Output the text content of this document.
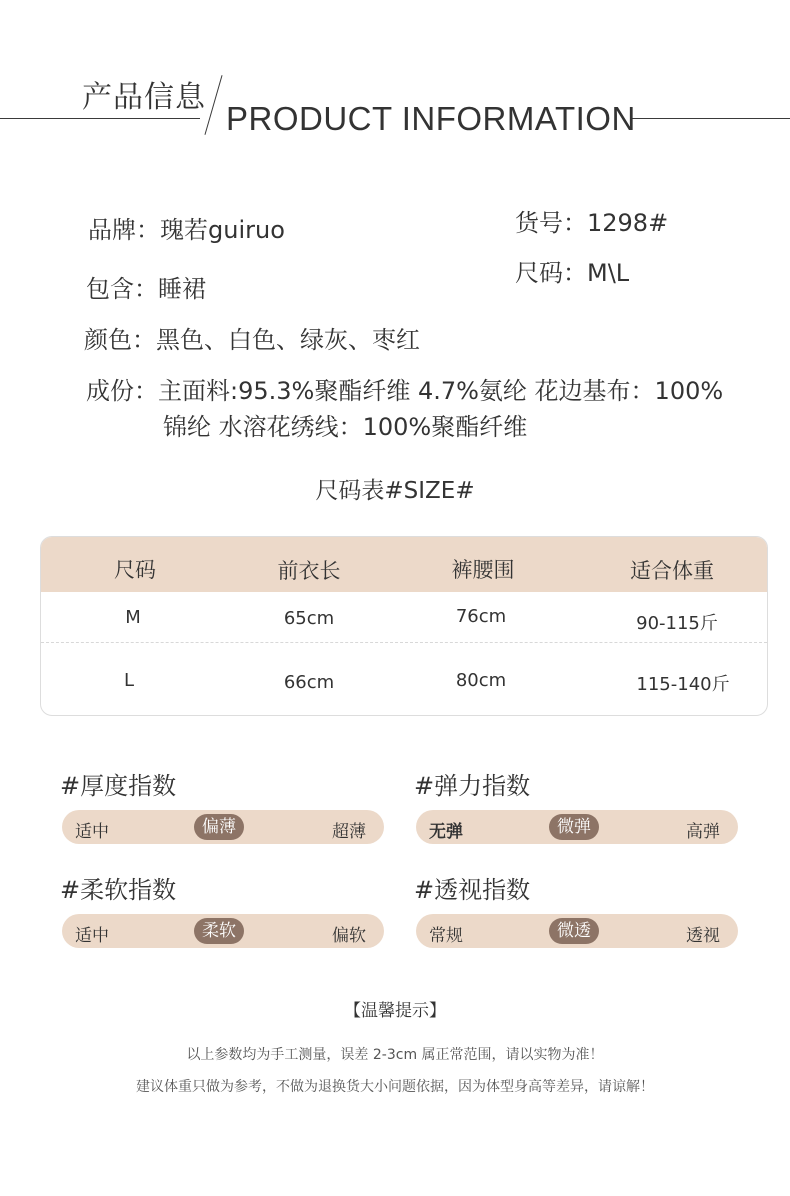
产品信息
PRODUCT INFORMATION
品牌：瑰若guiruo	货号：1298#
包含：睡裙
尺码：M\L
颜色：黑色、白色、绿灰、枣红
成份：主面料:95.3%聚酯纤维 4.7%氨纶 花边基布：100%
锦纶 水溶花绣线：100%聚酯纤维
尺码表#SIZE#
尺码	前衣长	裤腰围	适合体重
M	65cm	76cm	90-115斤
L	66cm	80cm	115-140斤
#厚度指数
适中	偏薄	超薄
#弹力指数
无弹	微弹	高弹
#柔软指数
适中	柔软	偏软
#透视指数
常规	微透	透视
【温馨提示】
以上参数均为手工测量，误差 2-3cm 属正常范围，请以实物为准！
建议体重只做为参考，不做为退换货大小问题依据，因为体型身高等差异，请谅解！
